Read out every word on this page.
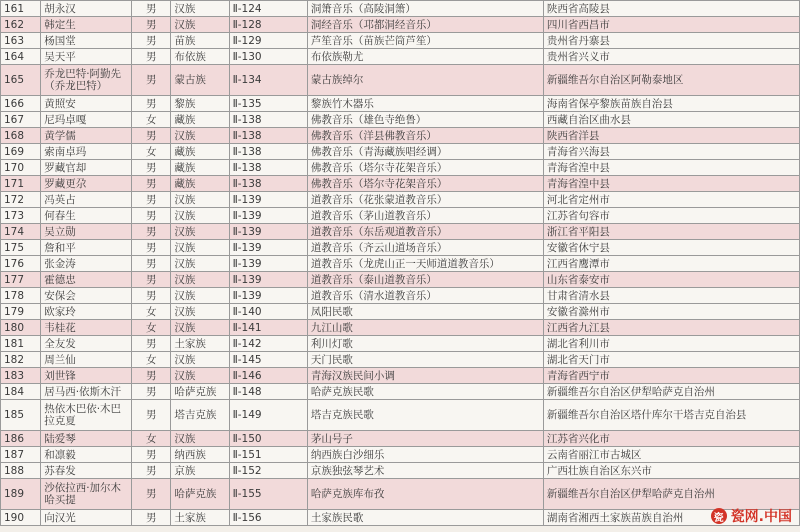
161	胡永汉	男	汉族	Ⅱ-124	洞箫音乐（高陵洞箫）	陕西省高陵县
162	韩定生	男	汉族	Ⅱ-128	洞经音乐（邛都洞经音乐）	四川省西昌市
163	杨国堂	男	苗族	Ⅱ-129	芦笙音乐（苗族芒筒芦笙）	贵州省丹寨县
164	吴天平	男	布依族	Ⅱ-130	布依族勒尤	贵州省兴义市
165	乔龙巴特·阿勤先（乔龙巴特）	男	蒙古族	Ⅱ-134	蒙古族绰尔	新疆维吾尔自治区阿勒泰地区
166	黄照安	男	黎族	Ⅱ-135	黎族竹木器乐	海南省保亭黎族苗族自治县
167	尼玛卓嘎	女	藏族	Ⅱ-138	佛教音乐（雄色寺绝鲁）	西藏自治区曲水县
168	黄学儒	男	汉族	Ⅱ-138	佛教音乐（洋县佛教音乐）	陕西省洋县
169	索南卓玛	女	藏族	Ⅱ-138	佛教音乐（青海藏族唱经调）	青海省兴海县
170	罗藏官却	男	藏族	Ⅱ-138	佛教音乐（塔尔寺花架音乐）	青海省湟中县
171	罗藏更尕	男	藏族	Ⅱ-138	佛教音乐（塔尔寺花架音乐）	青海省湟中县
172	冯英占	男	汉族	Ⅱ-139	道教音乐（花张蒙道教音乐）	河北省定州市
173	何春生	男	汉族	Ⅱ-139	道教音乐（茅山道教音乐）	江苏省句容市
174	吴立勋	男	汉族	Ⅱ-139	道教音乐（东岳观道教音乐）	浙江省平阳县
175	詹和平	男	汉族	Ⅱ-139	道教音乐（齐云山道场音乐）	安徽省休宁县
176	张金涛	男	汉族	Ⅱ-139	道教音乐（龙虎山正一天师道道教音乐）	江西省鹰潭市
177	霍德忠	男	汉族	Ⅱ-139	道教音乐（泰山道教音乐）	山东省泰安市
178	安保会	男	汉族	Ⅱ-139	道教音乐（清水道教音乐）	甘肃省清水县
179	欧家玲	女	汉族	Ⅱ-140	凤阳民歌	安徽省滁州市
180	韦桂花	女	汉族	Ⅱ-141	九江山歌	江西省九江县
181	全友发	男	土家族	Ⅱ-142	利川灯歌	湖北省利川市
182	周兰仙	女	汉族	Ⅱ-145	天门民歌	湖北省天门市
183	刘世锋	男	汉族	Ⅱ-146	青海汉族民间小调	青海省西宁市
184	居马西·依斯木汗	男	哈萨克族	Ⅱ-148	哈萨克族民歌	新疆维吾尔自治区伊犁哈萨克自治州
185	热依木巴依·木巴拉克夏	男	塔吉克族	Ⅱ-149	塔吉克族民歌	新疆维吾尔自治区塔什库尔干塔吉克自治县
186	陆爱琴	女	汉族	Ⅱ-150	茅山号子	江苏省兴化市
187	和凛毅	男	纳西族	Ⅱ-151	纳西族白沙细乐	云南省丽江市古城区
188	苏春发	男	京族	Ⅱ-152	京族独弦琴艺术	广西壮族自治区东兴市
189	沙依拉西·加尔木哈买提	男	哈萨克族	Ⅱ-155	哈萨克族库布孜	新疆维吾尔自治区伊犁哈萨克自治州
190	向汉光	男	土家族	Ⅱ-156	土家族民歌	湖南省湘西土家族苗族自治州	瓷 瓷网.中国
